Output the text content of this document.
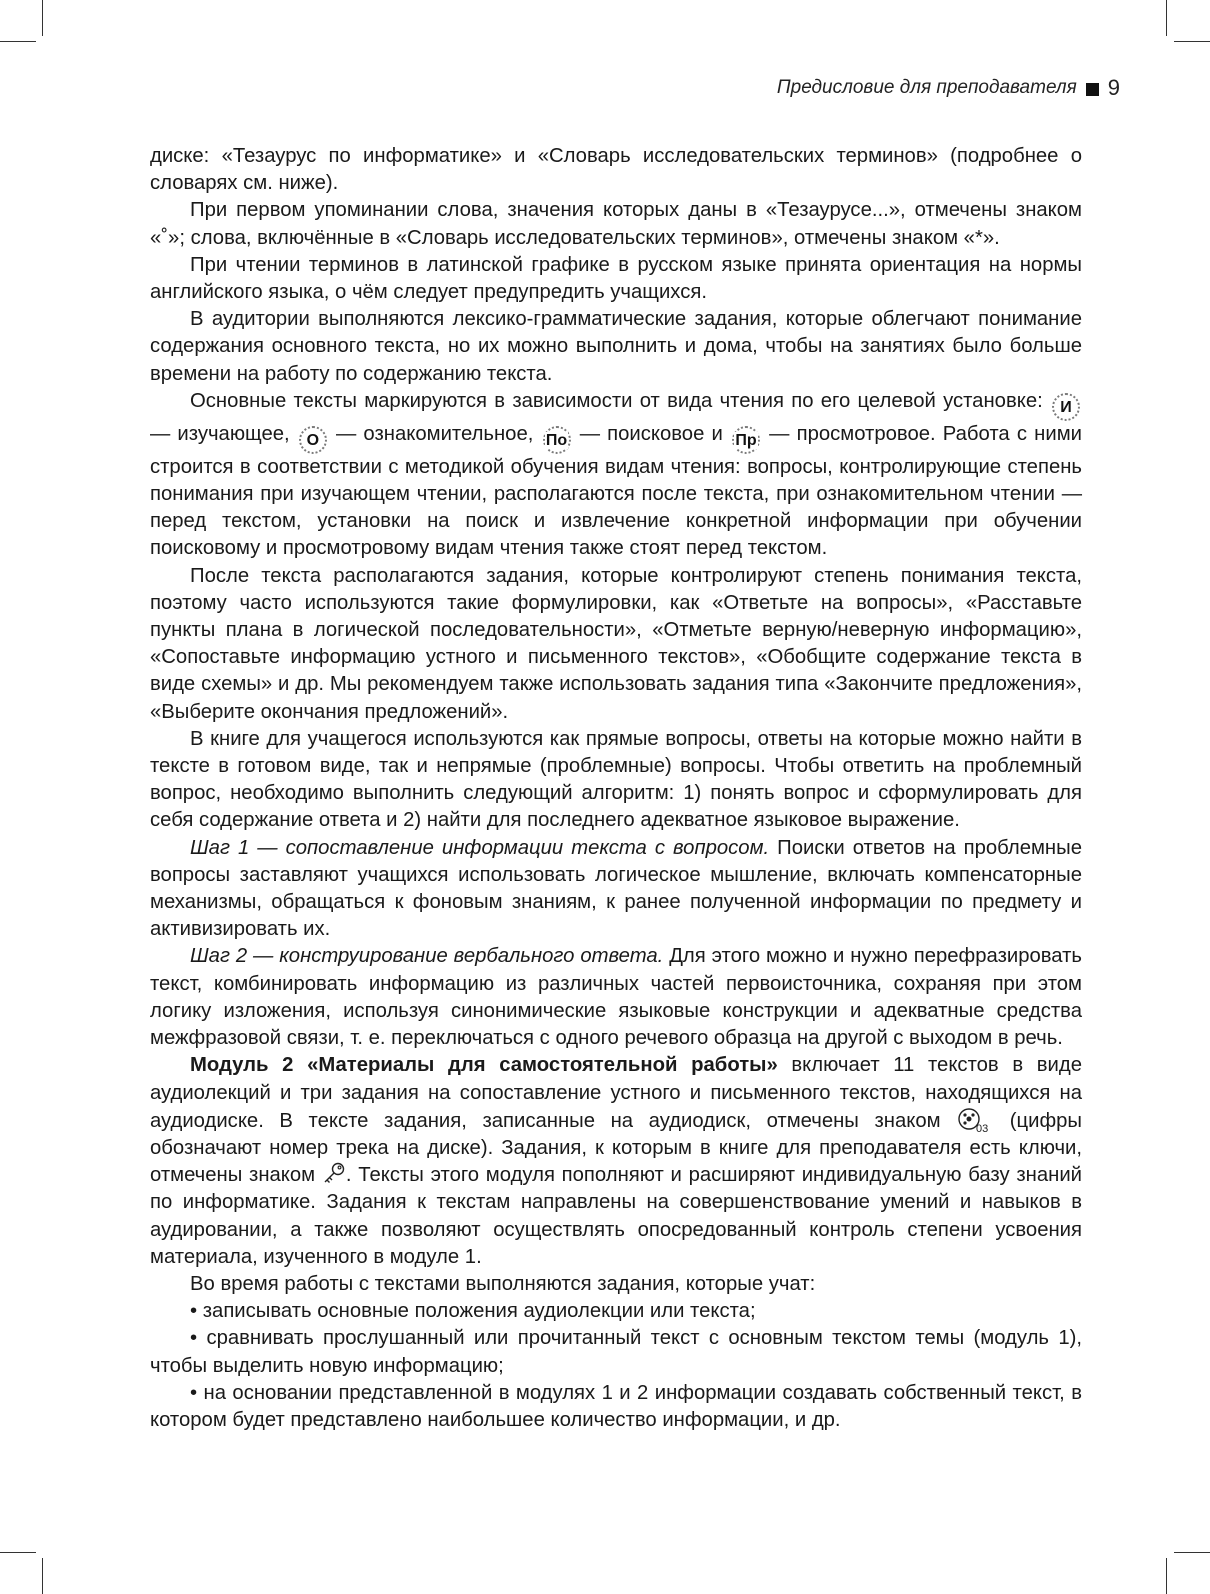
Предисловие для преподавателя 9

диске: «Тезаурус по информатике» и «Словарь исследовательских терминов» (подробнее о словарях см. ниже).

При первом упоминании слова, значения которых даны в «Тезаурусе...», отмечены знаком «˚»; слова, включённые в «Словарь исследовательских терминов», отмечены знаком «*».

При чтении терминов в латинской графике в русском языке принята ориентация на нормы английского языка, о чём следует предупредить учащихся.

В аудитории выполняются лексико-грамматические задания, которые облегчают понимание содержания основного текста, но их можно выполнить и дома, чтобы на занятиях было больше времени на работу по содержанию текста.

Основные тексты маркируются в зависимости от вида чтения по его целевой установке: И — изучающее, О — ознакомительное, По — поисковое и Пр — просмотровое. Работа с ними строится в соответствии с методикой обучения видам чтения: вопросы, контролирующие степень понимания при изучающем чтении, располагаются после текста, при ознакомительном чтении — перед текстом, установки на поиск и извлечение конкретной информации при обучении поисковому и просмотровому видам чтения также стоят перед текстом.

После текста располагаются задания, которые контролируют степень понимания текста, поэтому часто используются такие формулировки, как «Ответьте на вопросы», «Расставьте пункты плана в логической последовательности», «Отметьте верную/неверную информацию», «Сопоставьте информацию устного и письменного текстов», «Обобщите содержание текста в виде схемы» и др. Мы рекомендуем также использовать задания типа «Закончите предложения», «Выберите окончания предложений».

В книге для учащегося используются как прямые вопросы, ответы на которые можно найти в тексте в готовом виде, так и непрямые (проблемные) вопросы. Чтобы ответить на проблемный вопрос, необходимо выполнить следующий алгоритм: 1) понять вопрос и сформулировать для себя содержание ответа и 2) найти для последнего адекватное языковое выражение.

Шаг 1 — сопоставление информации текста с вопросом. Поиски ответов на проблемные вопросы заставляют учащихся использовать логическое мышление, включать компенсаторные механизмы, обращаться к фоновым знаниям, к ранее полученной информации по предмету и активизировать их.

Шаг 2 — конструирование вербального ответа. Для этого можно и нужно перефразировать текст, комбинировать информацию из различных частей первоисточника, сохраняя при этом логику изложения, используя синонимические языковые конструкции и адекватные средства межфразовой связи, т. е. переключаться с одного речевого образца на другой с выходом в речь.

Модуль 2 «Материалы для самостоятельной работы» включает 11 текстов в виде аудиолекций и три задания на сопоставление устного и письменного текстов, находящихся на аудиодиске. В тексте задания, записанные на аудиодиск, отмечены знаком	03 (цифры обозначают номер трека на диске). Задания, к которым в книге для преподавателя есть ключи, отмечены знаком . Тексты этого модуля пополняют и расширяют индивидуальную базу знаний по информатике. Задания к текстам направлены на совершенствование умений и навыков в аудировании, а также позволяют осуществлять опосредованный контроль степени усвоения материала, изученного в модуле 1.

Во время работы с текстами выполняются задания, которые учат:

• записывать основные положения аудиолекции или текста;

• сравнивать прослушанный или прочитанный текст с основным текстом темы (модуль 1), чтобы выделить новую информацию;

• на основании представленной в модулях 1 и 2 информации создавать собственный текст, в котором будет представлено наибольшее количество информации, и др.
